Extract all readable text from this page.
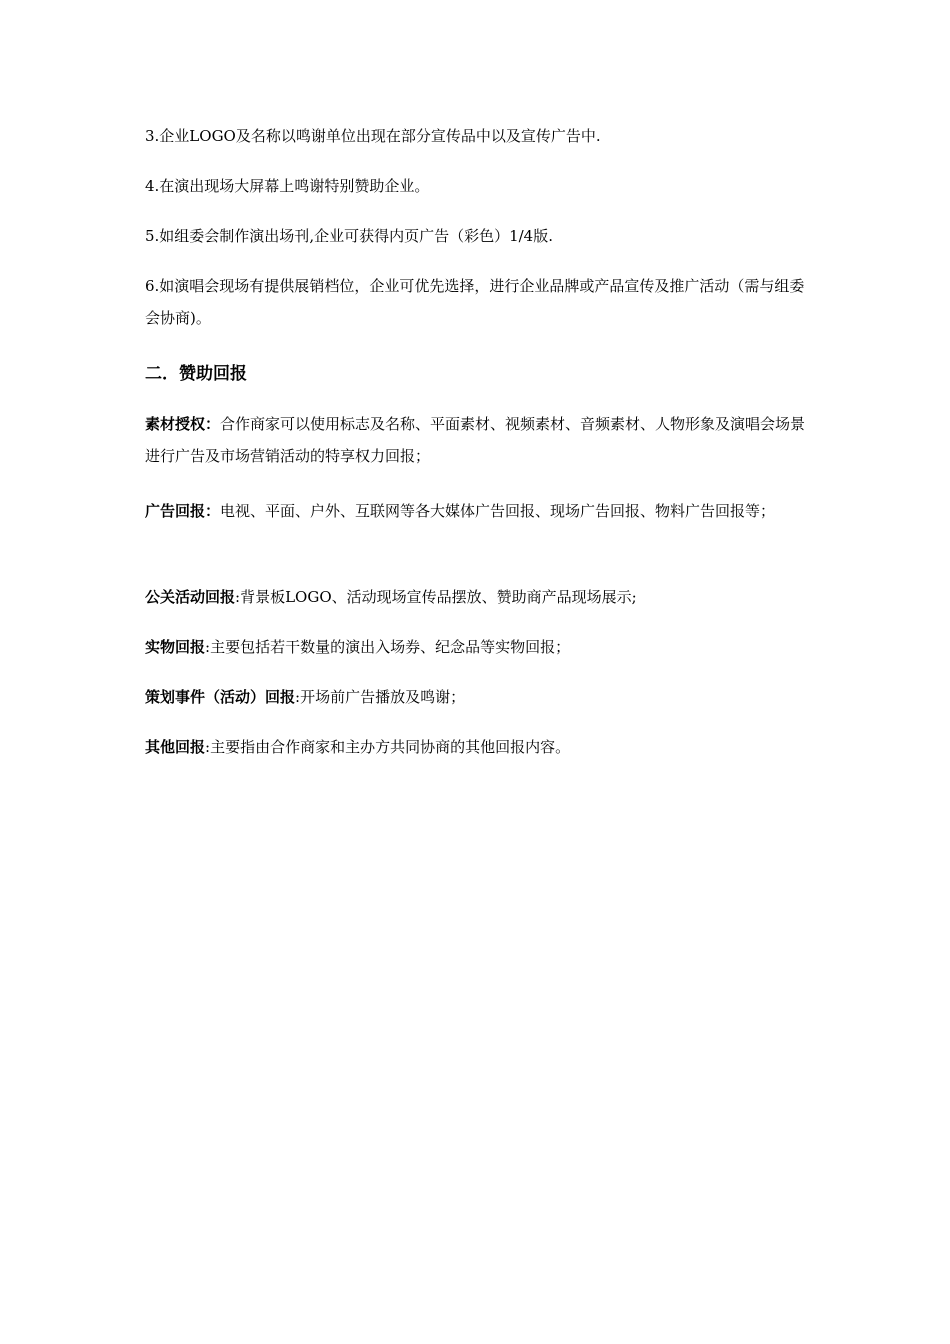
3.企业LOGO及名称以鸣谢单位出现在部分宣传品中以及宣传广告中.

4.在演出现场大屏幕上鸣谢特别赞助企业。

5.如组委会制作演出场刊,企业可获得内页广告（彩色）1/4版.

6.如演唱会现场有提供展销档位，企业可优先选择，进行企业品牌或产品宣传及推广活动（需与组委会协商)。

二．赞助回报

素材授权：合作商家可以使用标志及名称、平面素材、视频素材、音频素材、人物形象及演唱会场景进行广告及市场营销活动的特享权力回报；

广告回报：电视、平面、户外、互联网等各大媒体广告回报、现场广告回报、物料广告回报等；

公关活动回报:背景板LOGO、活动现场宣传品摆放、赞助商产品现场展示;

实物回报:主要包括若干数量的演出入场券、纪念品等实物回报；

策划事件（活动）回报:开场前广告播放及鸣谢；

其他回报:主要指由合作商家和主办方共同协商的其他回报内容。
